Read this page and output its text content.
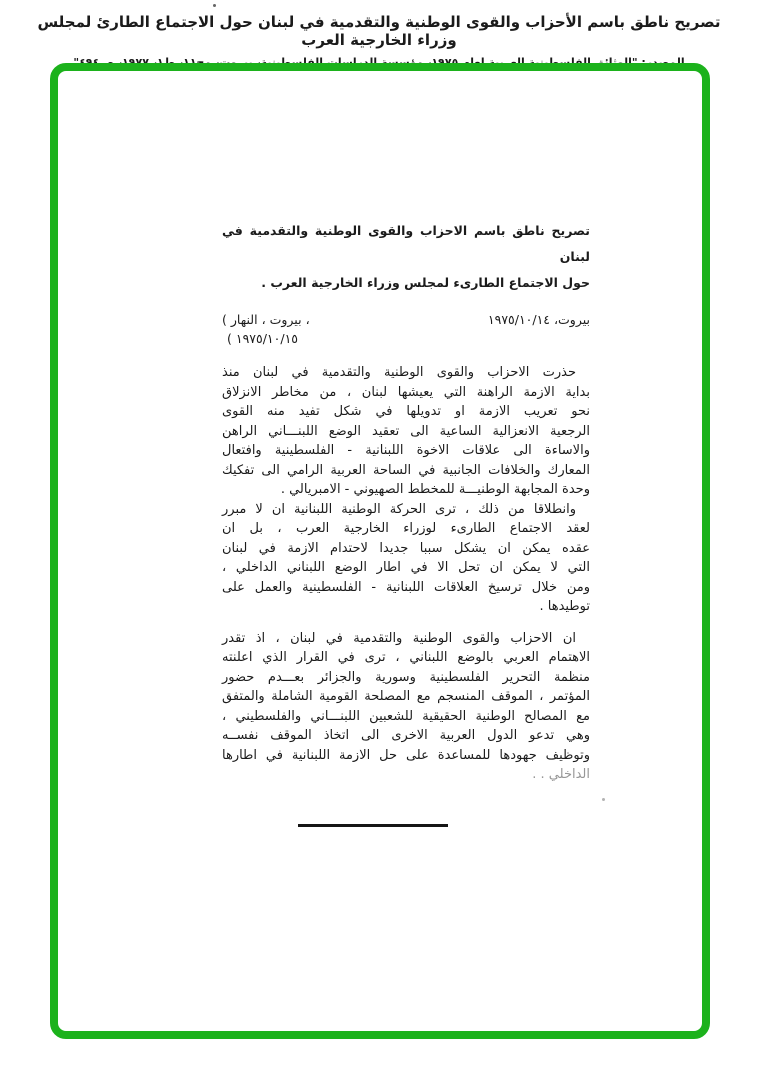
تصريح ناطق باسم الأحزاب والقوى الوطنية والتقدمية في لبنان حول الاجتماع الطارئ لمجلس وزراء الخارجية العرب
تصريح ناطق باسم الاحزاب والقوى الوطنية والتقدمية في لبنان
حول الاجتماع الطارىء لمجلس وزراء الخارجية العرب .
( النهار ، بيروت ،
( ١٩٧٥/١٠/١٥
بيروت، ١٩٧٥/١٠/١٤
حذرت الاحزاب والقوى الوطنية والتقدمية في لبنان منذ
بداية الازمة الراهنة التي يعيشها لبنان ، من مخاطر الانزلاق
نحو تعريب الازمة او تدويلها في شكل تفيد منه القوى
الرجعية الانعزالية الساعية الى تعقيد الوضع اللبنـــاني الراهن
والاساءة الى علاقات الاخوة اللبنانية - الفلسطينية وافتعال
المعارك والخلافات الجانبية في الساحة العربية الرامي الى تفكيك
وحدة المجابهة الوطنيـــة للمخطط الصهيوني - الامبريالي .
وانطلاقا من ذلك ، ترى الحركة الوطنية اللبنانية ان لا مبرر
لعقد الاجتماع الطارىء لوزراء الخارجية العرب ، بل ان
عقده يمكن ان يشكل سببا جديدا لاحتدام الازمة في لبنان
التي لا يمكن ان تحل الا في اطار الوضع اللبناني الداخلي ،
ومن خلال ترسيخ العلاقات اللبنانية - الفلسطينية والعمل على
توطيدها .
ان الاحزاب والقوى الوطنية والتقدمية في لبنان ، اذ تقدر
الاهتمام العربي بالوضع اللبناني ، ترى في القرار الذي اعلنته
منظمة التحرير الفلسطينية وسورية والجزائر بعـــدم حضور
المؤتمر ، الموقف المنسجم مع المصلحة القومية الشاملة والمتفق
مع المصالح الوطنية الحقيقية للشعبين اللبنـــاني والفلسطيني ،
وهي تدعو الدول العربية الاخرى الى اتخاذ الموقف نفســه
وتوظيف جهودها للمساعدة على حل الازمة اللبنانية في اطارها
الداخلي . .
